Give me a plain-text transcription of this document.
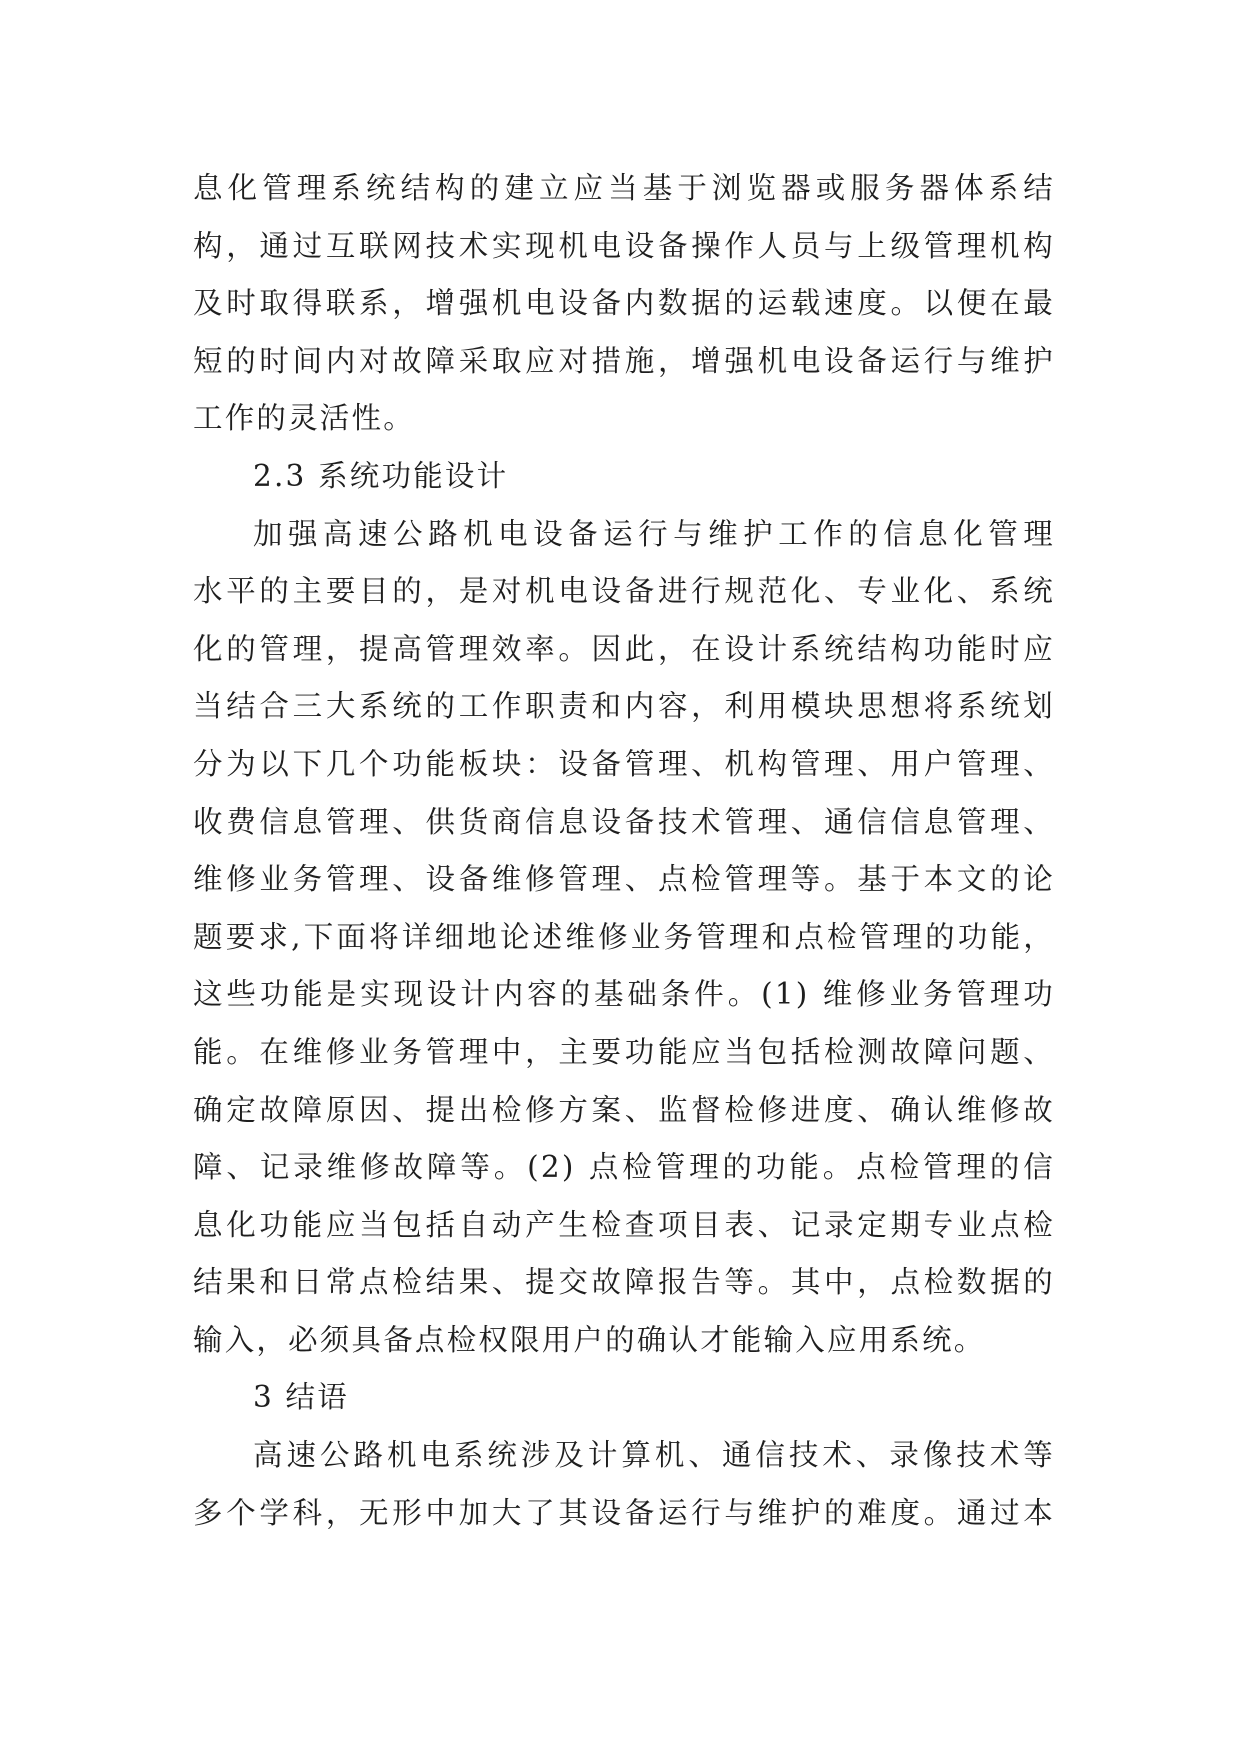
息化管理系统结构的建立应当基于浏览器或服务器体系结
构，通过互联网技术实现机电设备操作人员与上级管理机构
及时取得联系，增强机电设备内数据的运载速度。以便在最
短的时间内对故障采取应对措施，增强机电设备运行与维护
工作的灵活性。
2.3 系统功能设计
加强高速公路机电设备运行与维护工作的信息化管理
水平的主要目的，是对机电设备进行规范化、专业化、系统
化的管理，提高管理效率。因此，在设计系统结构功能时应
当结合三大系统的工作职责和内容，利用模块思想将系统划
分为以下几个功能板块：设备管理、机构管理、用户管理、
收费信息管理、供货商信息设备技术管理、通信信息管理、
维修业务管理、设备维修管理、点检管理等。基于本文的论
题要求,下面将详细地论述维修业务管理和点检管理的功能，
这些功能是实现设计内容的基础条件。(1) 维修业务管理功
能。在维修业务管理中，主要功能应当包括检测故障问题、
确定故障原因、提出检修方案、监督检修进度、确认维修故
障、记录维修故障等。(2) 点检管理的功能。点检管理的信
息化功能应当包括自动产生检查项目表、记录定期专业点检
结果和日常点检结果、提交故障报告等。其中，点检数据的
输入，必须具备点检权限用户的确认才能输入应用系统。
3 结语
高速公路机电系统涉及计算机、通信技术、录像技术等
多个学科，无形中加大了其设备运行与维护的难度。通过本
